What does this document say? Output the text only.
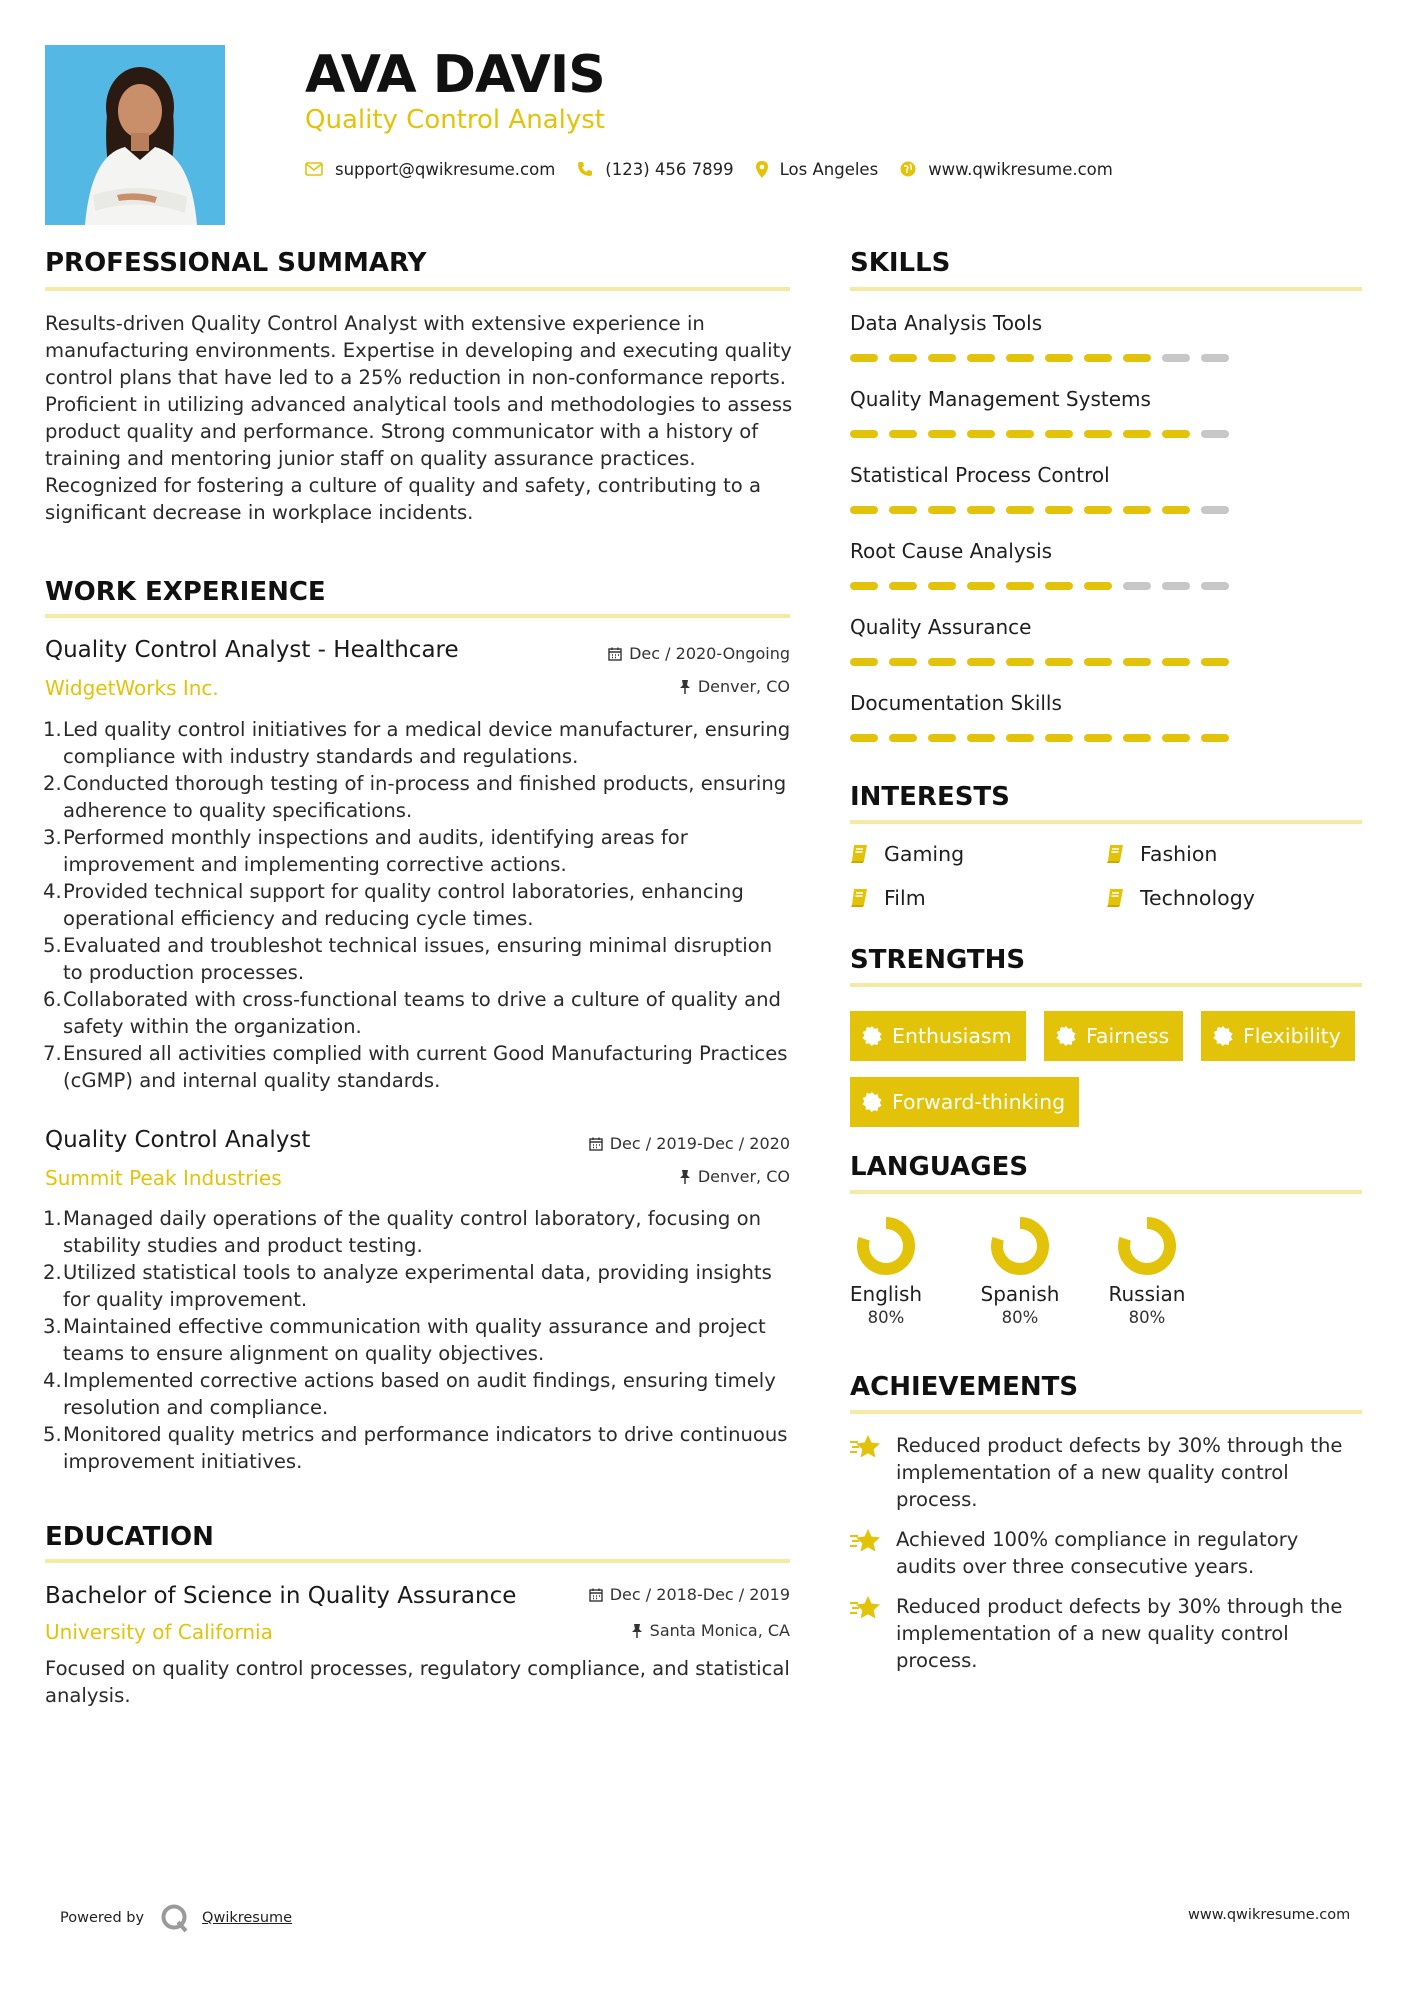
AVA DAVIS
Quality Control Analyst
support@qwikresume.com	(123) 456 7899	Los Angeles	www.qwikresume.com
PROFESSIONAL SUMMARY
Results-driven Quality Control Analyst with extensive experience in manufacturing environments. Expertise in developing and executing quality control plans that have led to a 25% reduction in non-conformance reports. Proficient in utilizing advanced analytical tools and methodologies to assess product quality and performance. Strong communicator with a history of training and mentoring junior staff on quality assurance practices. Recognized for fostering a culture of quality and safety, contributing to a significant decrease in workplace incidents.
WORK EXPERIENCE
Quality Control Analyst - Healthcare	Dec / 2020-Ongoing
WidgetWorks Inc.	Denver, CO
1. Led quality control initiatives for a medical device manufacturer, ensuring compliance with industry standards and regulations.
2. Conducted thorough testing of in-process and finished products, ensuring adherence to quality specifications.
3. Performed monthly inspections and audits, identifying areas for improvement and implementing corrective actions.
4. Provided technical support for quality control laboratories, enhancing operational efficiency and reducing cycle times.
5. Evaluated and troubleshot technical issues, ensuring minimal disruption to production processes.
6. Collaborated with cross-functional teams to drive a culture of quality and safety within the organization.
7. Ensured all activities complied with current Good Manufacturing Practices (cGMP) and internal quality standards.
Quality Control Analyst	Dec / 2019-Dec / 2020
Summit Peak Industries	Denver, CO
1. Managed daily operations of the quality control laboratory, focusing on stability studies and product testing.
2. Utilized statistical tools to analyze experimental data, providing insights for quality improvement.
3. Maintained effective communication with quality assurance and project teams to ensure alignment on quality objectives.
4. Implemented corrective actions based on audit findings, ensuring timely resolution and compliance.
5. Monitored quality metrics and performance indicators to drive continuous improvement initiatives.
EDUCATION
Bachelor of Science in Quality Assurance	Dec / 2018-Dec / 2019
University of California	Santa Monica, CA
Focused on quality control processes, regulatory compliance, and statistical analysis.
SKILLS
Data Analysis Tools
Quality Management Systems
Statistical Process Control
Root Cause Analysis
Quality Assurance
Documentation Skills
INTERESTS
Gaming	Fashion
Film	Technology
STRENGTHS
Enthusiasm	Fairness	Flexibility
Forward-thinking
LANGUAGES
English
80%
Spanish
80%
Russian
80%
ACHIEVEMENTS
Reduced product defects by 30% through the implementation of a new quality control process.
Achieved 100% compliance in regulatory audits over three consecutive years.
Reduced product defects by 30% through the implementation of a new quality control process.
Powered by	Qwikresume	www.qwikresume.com
